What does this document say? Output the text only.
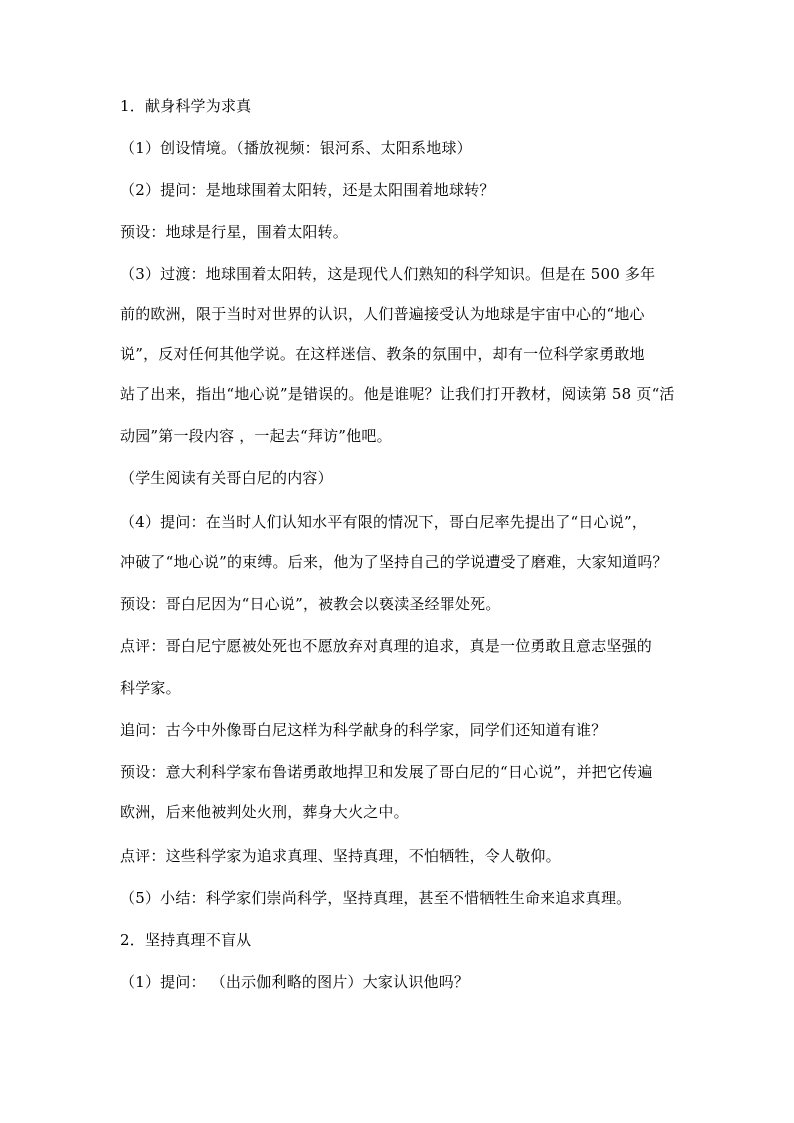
1．献身科学为求真
（1）创设情境。（播放视频：银河系、太阳系地球）
（2）提问：是地球围着太阳转，还是太阳围着地球转？
预设：地球是行星，围着太阳转。
（3）过渡：地球围着太阳转，这是现代人们熟知的科学知识。但是在 500 多年
前的欧洲，限于当时对世界的认识，人们普遍接受认为地球是宇宙中心的“地心
说”，反对任何其他学说。在这样迷信、教条的氛围中，却有一位科学家勇敢地
站了出来，指出“地心说”是错误的。他是谁呢？让我们打开教材，阅读第 58 页“活
动园”第一段内容 ，一起去“拜访”他吧。
（学生阅读有关哥白尼的内容）
（4）提问：在当时人们认知水平有限的情况下，哥白尼率先提出了“日心说”，
冲破了“地心说”的束缚。后来，他为了坚持自己的学说遭受了磨难，大家知道吗？
预设：哥白尼因为“日心说”，被教会以亵渎圣经罪处死。
点评：哥白尼宁愿被处死也不愿放弃对真理的追求，真是一位勇敢且意志坚强的
科学家。
追问：古今中外像哥白尼这样为科学献身的科学家，同学们还知道有谁？
预设：意大利科学家布鲁诺勇敢地捍卫和发展了哥白尼的“日心说”，并把它传遍
欧洲，后来他被判处火刑，葬身大火之中。
点评：这些科学家为追求真理、坚持真理，不怕牺牲，令人敬仰。
（5）小结：科学家们崇尚科学，坚持真理，甚至不惜牺牲生命来追求真理。
2．坚持真理不盲从
（1）提问： （出示伽利略的图片）大家认识他吗？
